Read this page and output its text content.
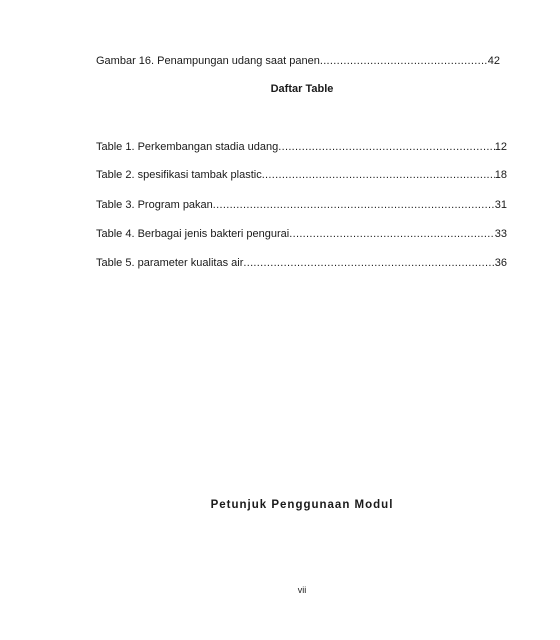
Gambar 16. Penampungan udang saat panen .....	42
Daftar Table
Table 1. Perkembangan stadia udang .....	12
Table 2. spesifikasi tambak plastic .....	18
Table 3. Program pakan .....	31
Table 4. Berbagai jenis bakteri pengurai .....	33
Table 5. parameter kualitas air .....	36
Petunjuk Penggunaan Modul
vii
